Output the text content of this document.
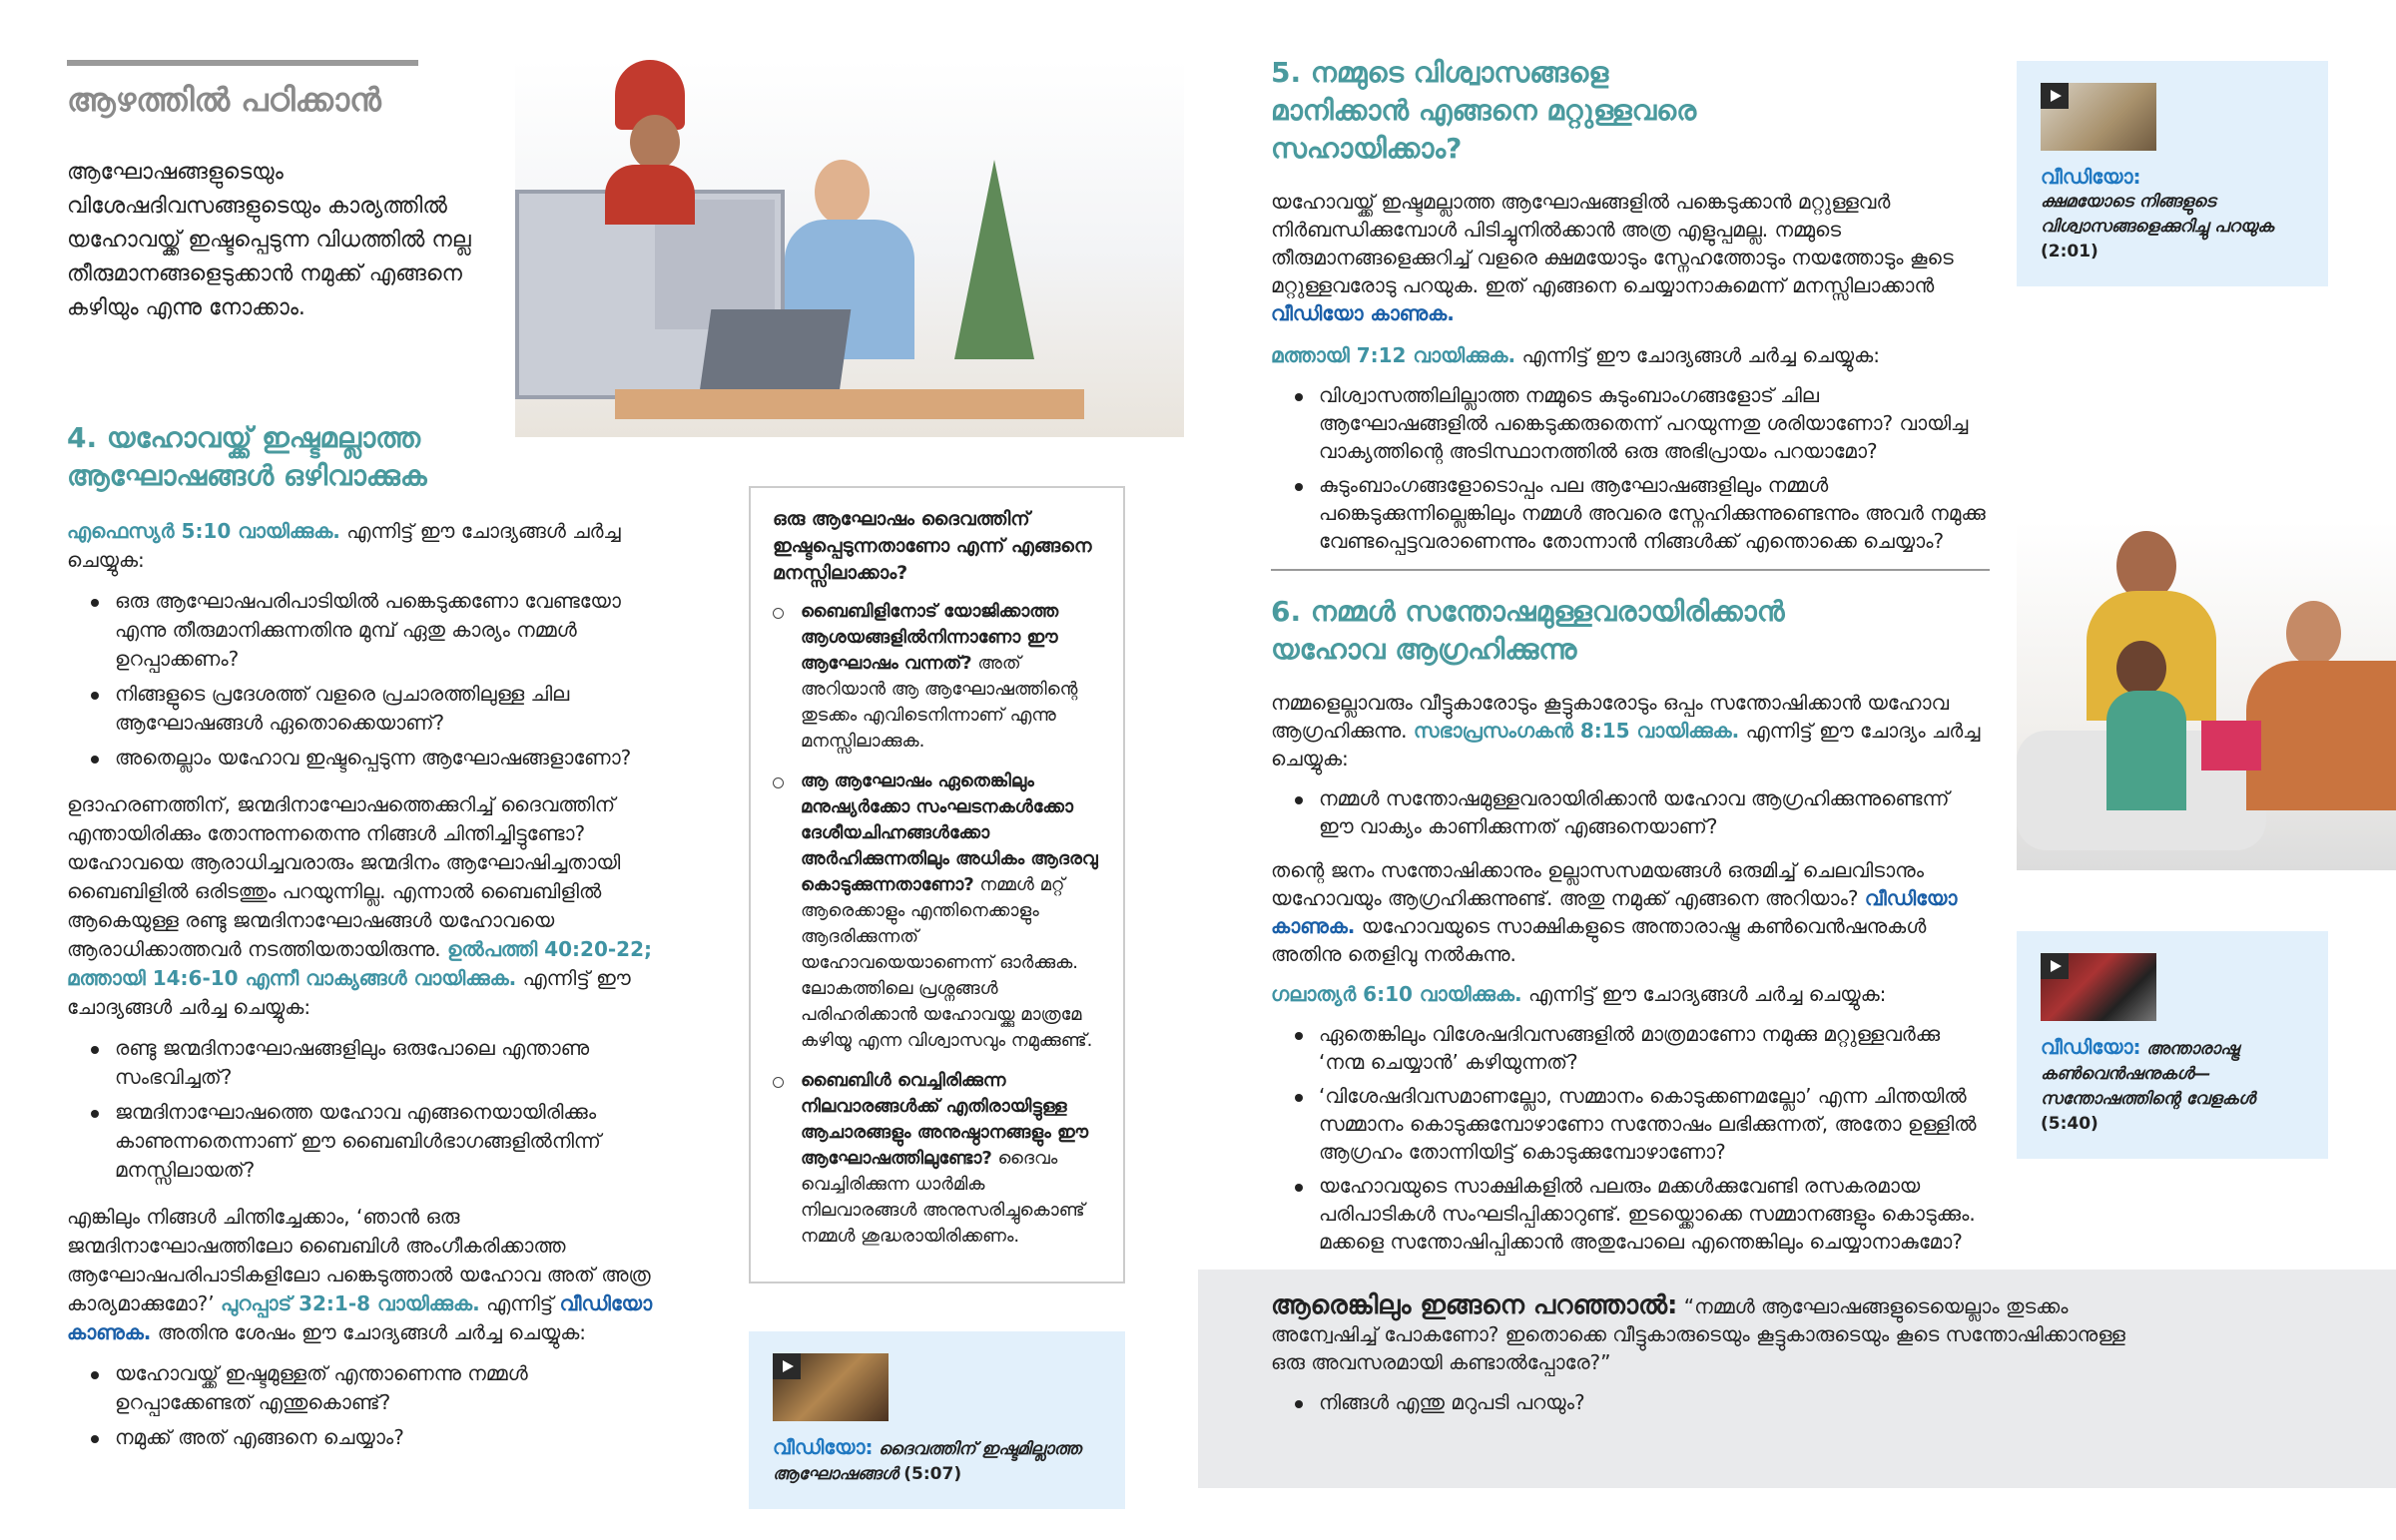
ആഴത്തിൽ പഠിക്കാൻ
ആഘോഷങ്ങളുടെയും വിശേഷദിവസങ്ങളുടെയും കാര്യത്തിൽ യഹോവയ്ക്ക് ഇഷ്ടപ്പെടുന്ന വിധത്തിൽ നല്ല തീരുമാനങ്ങളെടുക്കാൻ നമുക്ക് എങ്ങനെ കഴിയും എന്നു നോക്കാം.
4. യഹോവയ്ക്ക് ഇഷ്ടമല്ലാത്ത ആഘോഷങ്ങൾ ഒഴിവാക്കുക

എഫെസ്യർ 5:10 വായിക്കുക. എന്നിട്ട് ഈ ചോദ്യങ്ങൾ ചർച്ച ചെയ്യുക:

ഒരു ആഘോഷപരിപാടിയിൽ പങ്കെടുക്കണോ വേണ്ടയോ എന്നു തീരുമാനിക്കുന്നതിനു മുമ്പ് ഏതു കാര്യം നമ്മൾ ഉറപ്പാക്കണം?
നിങ്ങളുടെ പ്രദേശത്ത് വളരെ പ്രചാരത്തിലുള്ള ചില ആഘോഷങ്ങൾ ഏതൊക്കെയാണ്?
അതെല്ലാം യഹോവ ഇഷ്ടപ്പെടുന്ന ആഘോഷങ്ങളാണോ?

ഉദാഹരണത്തിന്, ജന്മദിനാഘോഷത്തെക്കുറിച്ച് ദൈവത്തിന് എന്തായിരിക്കും തോന്നുന്നതെന്നു നിങ്ങൾ ചിന്തിച്ചിട്ടുണ്ടോ? യഹോവയെ ആരാധിച്ചവരാരും ജന്മദിനം ആഘോഷിച്ചതായി ബൈബിളിൽ ഒരിടത്തും പറയുന്നില്ല. എന്നാൽ ബൈബിളിൽ ആകെയുള്ള രണ്ടു ജന്മദിനാഘോഷങ്ങൾ യഹോവയെ ആരാധിക്കാത്തവർ നടത്തിയതായിരുന്നു. ഉൽപത്തി 40:20-22; മത്തായി 14:6-10 എന്നീ വാക്യങ്ങൾ വായിക്കുക. എന്നിട്ട് ഈ ചോദ്യങ്ങൾ ചർച്ച ചെയ്യുക:

രണ്ടു ജന്മദിനാഘോഷങ്ങളിലും ഒരുപോലെ എന്താണു സംഭവിച്ചത്?
ജന്മദിനാഘോഷത്തെ യഹോവ എങ്ങനെയായിരിക്കും കാണുന്നതെന്നാണ് ഈ ബൈബിൾഭാഗങ്ങളിൽനിന്ന് മനസ്സിലായത്?

എങ്കിലും നിങ്ങൾ ചിന്തിച്ചേക്കാം, ‘ഞാൻ ഒരു ജന്മദിനാഘോഷത്തിലോ ബൈബിൾ അംഗീകരിക്കാത്ത ആഘോഷപരിപാടികളിലോ പങ്കെടുത്താൽ യഹോവ അത് അത്ര കാര്യമാക്കുമോ?’ പുറപ്പാട് 32:1-8 വായിക്കുക. എന്നിട്ട് വീഡിയോ കാണുക. അതിനു ശേഷം ഈ ചോദ്യങ്ങൾ ചർച്ച ചെയ്യുക:

യഹോവയ്ക്ക് ഇഷ്ടമുള്ളത് എന്താണെന്നു നമ്മൾ ഉറപ്പാക്കേണ്ടത് എന്തുകൊണ്ട്?
നമുക്ക് അത് എങ്ങനെ ചെയ്യാം?
ഒരു ആഘോഷം ദൈവത്തിന് ഇഷ്ടപ്പെടുന്നതാണോ എന്ന് എങ്ങനെ മനസ്സിലാക്കാം?
ബൈബിളിനോട് യോജിക്കാത്ത ആശയങ്ങളിൽനിന്നാണോ ഈ ആഘോഷം വന്നത്? അത് അറിയാൻ ആ ആഘോഷത്തിന്റെ തുടക്കം എവിടെനിന്നാണ് എന്നു മനസ്സിലാക്കുക.
ആ ആഘോഷം ഏതെങ്കിലും മനുഷ്യർക്കോ സംഘടനകൾക്കോ ദേശീയചിഹ്നങ്ങൾക്കോ അർഹിക്കുന്നതിലും അധികം ആദരവു കൊടുക്കുന്നതാണോ? നമ്മൾ മറ്റ് ആരെക്കാളും എന്തിനെക്കാളും ആദരിക്കുന്നത് യഹോവയെയാണെന്ന് ഓർക്കുക. ലോകത്തിലെ പ്രശ്നങ്ങൾ പരിഹരിക്കാൻ യഹോവയ്ക്കു മാത്രമേ കഴിയൂ എന്ന വിശ്വാസവും നമുക്കുണ്ട്.
ബൈബിൾ വെച്ചിരിക്കുന്ന നിലവാരങ്ങൾക്ക് എതിരായിട്ടുള്ള ആചാരങ്ങളും അനുഷ്ഠാനങ്ങളും ഈ ആഘോഷത്തിലുണ്ടോ? ദൈവം വെച്ചിരിക്കുന്ന ധാർമിക നിലവാരങ്ങൾ അനുസരിച്ചുകൊണ്ട് നമ്മൾ ശുദ്ധരായിരിക്കണം.
വീഡിയോ: ദൈവത്തിന് ഇഷ്ടമില്ലാത്ത ആഘോഷങ്ങൾ (5:07)
വീഡിയോ:
ക്ഷമയോടെ നിങ്ങളുടെ വിശ്വാസങ്ങളെക്കുറിച്ചു പറയുക (2:01)
വീഡിയോ: അന്താരാഷ്ട്ര കൺവെൻഷനുകൾ—സന്തോഷത്തിന്റെ വേളകൾ (5:40)
5. നമ്മുടെ വിശ്വാസങ്ങളെ മാനിക്കാൻ എങ്ങനെ മറ്റുള്ളവരെ സഹായിക്കാം?

യഹോവയ്ക്ക് ഇഷ്ടമല്ലാത്ത ആഘോഷങ്ങളിൽ പങ്കെടുക്കാൻ മറ്റുള്ളവർ നിർബന്ധിക്കുമ്പോൾ പിടിച്ചുനിൽക്കാൻ അത്ര എളുപ്പമല്ല. നമ്മുടെ തീരുമാനങ്ങളെക്കുറിച്ച് വളരെ ക്ഷമയോടും സ്നേഹത്തോടും നയത്തോടും കൂടെ മറ്റുള്ളവരോടു പറയുക. ഇത് എങ്ങനെ ചെയ്യാനാകുമെന്ന് മനസ്സിലാക്കാൻ വീഡിയോ കാണുക.

മത്തായി 7:12 വായിക്കുക. എന്നിട്ട് ഈ ചോദ്യങ്ങൾ ചർച്ച ചെയ്യുക:

വിശ്വാസത്തിലില്ലാത്ത നമ്മുടെ കുടുംബാംഗങ്ങളോട് ചില ആഘോഷങ്ങളിൽ പങ്കെടുക്കരുതെന്ന് പറയുന്നതു ശരിയാണോ? വായിച്ച വാക്യത്തിന്റെ അടിസ്ഥാനത്തിൽ ഒരു അഭിപ്രായം പറയാമോ?
കുടുംബാംഗങ്ങളോടൊപ്പം പല ആഘോഷങ്ങളിലും നമ്മൾ പങ്കെടുക്കുന്നില്ലെങ്കിലും നമ്മൾ അവരെ സ്നേഹിക്കുന്നുണ്ടെന്നും അവർ നമുക്കു വേണ്ടപ്പെട്ടവരാണെന്നും തോന്നാൻ നിങ്ങൾക്ക് എന്തൊക്കെ ചെയ്യാം?
6. നമ്മൾ സന്തോഷമുള്ളവരായിരിക്കാൻ യഹോവ ആഗ്രഹിക്കുന്നു

നമ്മളെല്ലാവരും വീട്ടുകാരോടും കൂട്ടുകാരോടും ഒപ്പം സന്തോഷിക്കാൻ യഹോവ ആഗ്രഹിക്കുന്നു. സഭാപ്രസംഗകൻ 8:15 വായിക്കുക. എന്നിട്ട് ഈ ചോദ്യം ചർച്ച ചെയ്യുക:

നമ്മൾ സന്തോഷമുള്ളവരായിരിക്കാൻ യഹോവ ആഗ്രഹിക്കുന്നുണ്ടെന്ന് ഈ വാക്യം കാണിക്കുന്നത് എങ്ങനെയാണ്?

തന്റെ ജനം സന്തോഷിക്കാനും ഉല്ലാസസമയങ്ങൾ ഒരുമിച്ച് ചെലവിടാനും യഹോവയും ആഗ്രഹിക്കുന്നുണ്ട്. അതു നമുക്ക് എങ്ങനെ അറിയാം? വീഡിയോ കാണുക. യഹോവയുടെ സാക്ഷികളുടെ അന്താരാഷ്ട്ര കൺവെൻഷനുകൾ അതിനു തെളിവു നൽകുന്നു.

ഗലാത്യർ 6:10 വായിക്കുക. എന്നിട്ട് ഈ ചോദ്യങ്ങൾ ചർച്ച ചെയ്യുക:

ഏതെങ്കിലും വിശേഷദിവസങ്ങളിൽ മാത്രമാണോ നമുക്കു മറ്റുള്ളവർക്കു ‘നന്മ ചെയ്യാൻ’ കഴിയുന്നത്?
‘വിശേഷദിവസമാണല്ലോ, സമ്മാനം കൊടുക്കണമല്ലോ’ എന്ന ചിന്തയിൽ സമ്മാനം കൊടുക്കുമ്പോഴാണോ സന്തോഷം ലഭിക്കുന്നത്, അതോ ഉള്ളിൽ ആഗ്രഹം തോന്നിയിട്ട് കൊടുക്കുമ്പോഴാണോ?
യഹോവയുടെ സാക്ഷികളിൽ പലരും മക്കൾക്കുവേണ്ടി രസകരമായ പരിപാടികൾ സംഘടിപ്പിക്കാറുണ്ട്. ഇടയ്ക്കൊക്കെ സമ്മാനങ്ങളും കൊടുക്കും. മക്കളെ സന്തോഷിപ്പിക്കാൻ അതുപോലെ എന്തെങ്കിലും ചെയ്യാനാകുമോ?

ആരെങ്കിലും ഇങ്ങനെ പറഞ്ഞാൽ: “നമ്മൾ ആഘോഷങ്ങളുടെയെല്ലാം തുടക്കം അന്വേഷിച്ച് പോകണോ? ഇതൊക്കെ വീട്ടുകാരുടെയും കൂട്ടുകാരുടെയും കൂടെ സന്തോഷിക്കാനുള്ള ഒരു അവസരമായി കണ്ടാൽപ്പോരേ?”

നിങ്ങൾ എന്തു മറുപടി പറയും?
